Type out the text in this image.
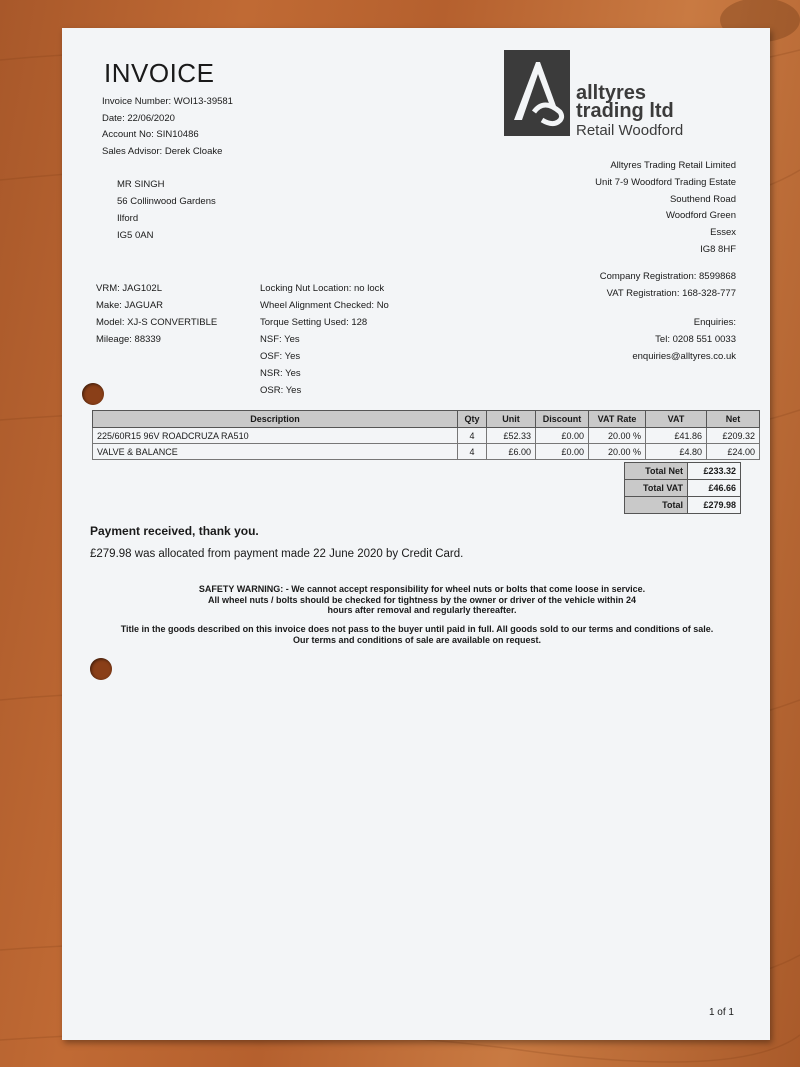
INVOICE
Invoice Number: WOI13-39581
Date: 22/06/2020
Account No: SIN10486
Sales Advisor: Derek Cloake
MR SINGH
56 Collinwood Gardens
Ilford
IG5 0AN
alltyres
trading ltd
Retail Woodford
Alltyres Trading Retail Limited
Unit 7-9 Woodford Trading Estate
Southend Road
Woodford Green
Essex
IG8 8HF
Company Registration: 8599868
VAT Registration: 168-328-777
Enquiries:
Tel: 0208 551 0033
enquiries@alltyres.co.uk
VRM: JAG102L
Make: JAGUAR
Model: XJ-S CONVERTIBLE
Mileage: 88339
Locking Nut Location: no lock
Wheel Alignment Checked: No
Torque Setting Used: 128
NSF: Yes
OSF: Yes
NSR: Yes
OSR: Yes
Description	Qty	Unit	Discount	VAT Rate	VAT	Net
225/60R15 96V ROADCRUZA RA510	4	£52.33	£0.00	20.00 %	£41.86	£209.32
VALVE & BALANCE	4	£6.00	£0.00	20.00 %	£4.80	£24.00
Total Net	£233.32
Total VAT	£46.66
Total	£279.98
Payment received, thank you.
£279.98 was allocated from payment made 22 June 2020 by Credit Card.
SAFETY WARNING: - We cannot accept responsibility for wheel nuts or bolts that come loose in service.
All wheel nuts / bolts should be checked for tightness by the owner or driver of the vehicle within 24
hours after removal and regularly thereafter.
Title in the goods described on this invoice does not pass to the buyer until paid in full. All goods sold to our terms and conditions of sale.
Our terms and conditions of sale are available on request.
1 of 1
